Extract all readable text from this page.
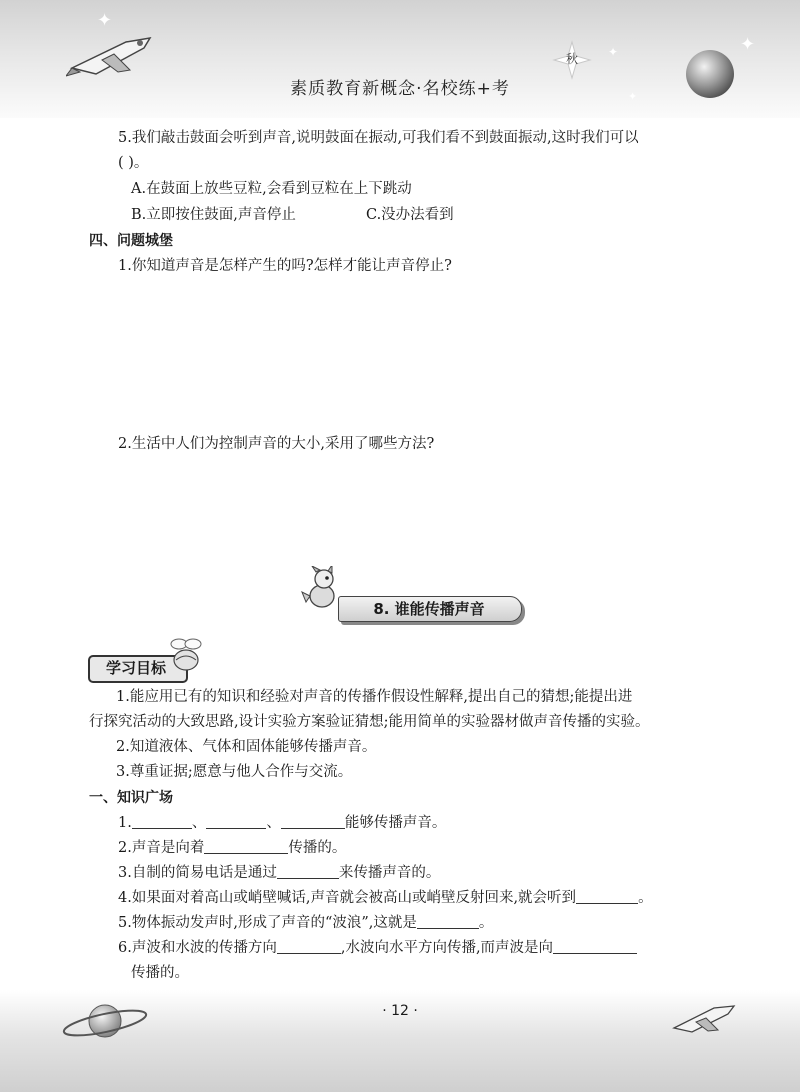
✦
✦
✦
✦
秋
素质教育新概念·名校练+考
5.我们敲击鼓面会听到声音,说明鼓面在振动,可我们看不到鼓面振动,这时我们可以
( )。
A.在鼓面上放些豆粒,会看到豆粒在上下跳动
B.立即按住鼓面,声音停止	C.没办法看到
四、问题城堡
1.你知道声音是怎样产生的吗?怎样才能让声音停止?
2.生活中人们为控制声音的大小,采用了哪些方法?
8. 谁能传播声音
学习目标
1.能应用已有的知识和经验对声音的传播作假设性解释,提出自己的猜想;能提出进
行探究活动的大致思路,设计实验方案验证猜想;能用简单的实验器材做声音传播的实验。
2.知道液体、气体和固体能够传播声音。
3.尊重证据;愿意与他人合作与交流。
一、知识广场
1.	、	、	能够传播声音。
2.声音是向着	传播的。
3.自制的简易电话是通过	来传播声音的。
4.如果面对着高山或峭壁喊话,声音就会被高山或峭壁反射回来,就会听到	。
5.物体振动发声时,形成了声音的“波浪”,这就是	。
6.声波和水波的传播方向	,水波向水平方向传播,而声波是向
传播的。
· 12 ·
